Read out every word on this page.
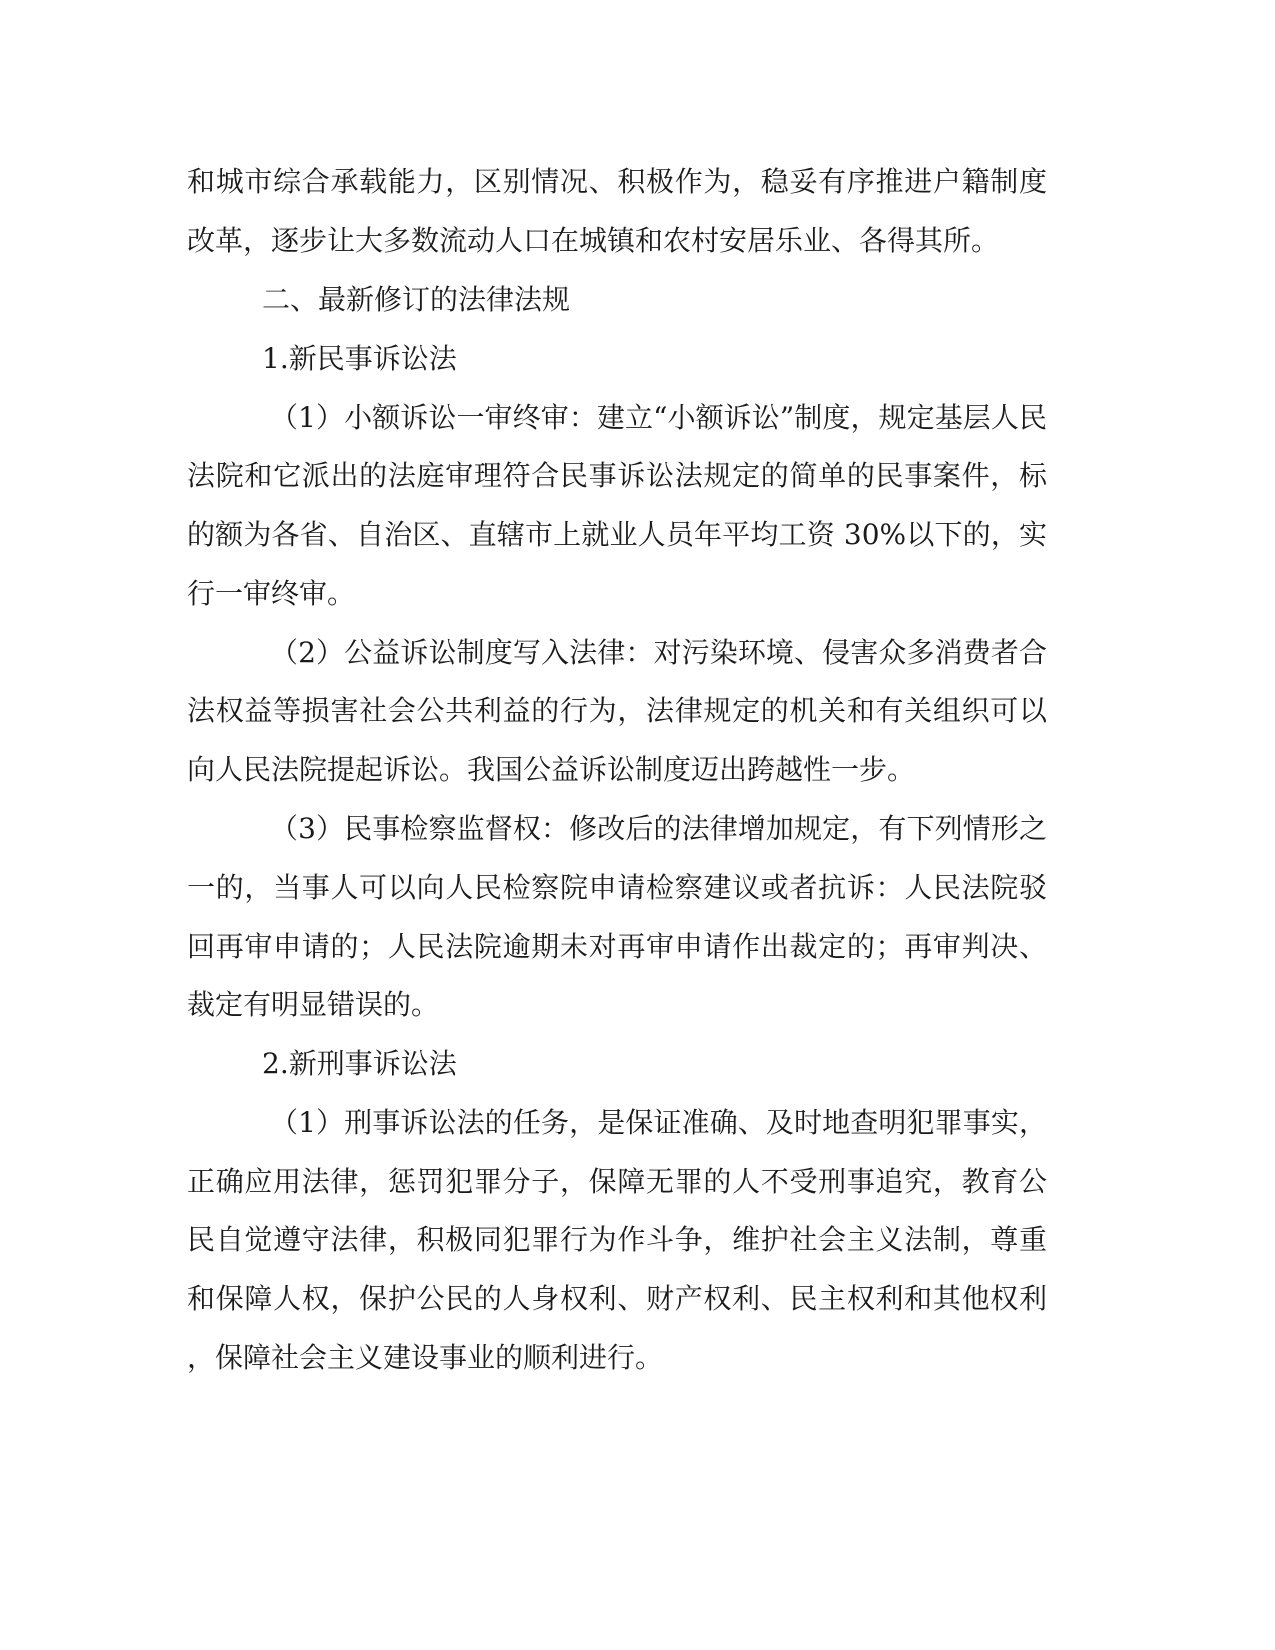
和城市综合承载能力，区别情况、积极作为，稳妥有序推进户籍制度
改革，逐步让大多数流动人口在城镇和农村安居乐业、各得其所。
二、最新修订的法律法规
1.新民事诉讼法
（1）小额诉讼一审终审：建立“小额诉讼”制度，规定基层人民
法院和它派出的法庭审理符合民事诉讼法规定的简单的民事案件，标
的额为各省、自治区、直辖市上就业人员年平均工资 30%以下的，实
行一审终审。
（2）公益诉讼制度写入法律：对污染环境、侵害众多消费者合
法权益等损害社会公共利益的行为，法律规定的机关和有关组织可以
向人民法院提起诉讼。我国公益诉讼制度迈出跨越性一步。
（3）民事检察监督权：修改后的法律增加规定，有下列情形之
一的，当事人可以向人民检察院申请检察建议或者抗诉：人民法院驳
回再审申请的；人民法院逾期未对再审申请作出裁定的；再审判决、
裁定有明显错误的。
2.新刑事诉讼法
（1）刑事诉讼法的任务，是保证准确、及时地查明犯罪事实，
正确应用法律，惩罚犯罪分子，保障无罪的人不受刑事追究，教育公
民自觉遵守法律，积极同犯罪行为作斗争，维护社会主义法制，尊重
和保障人权，保护公民的人身权利、财产权利、民主权利和其他权利
，保障社会主义建设事业的顺利进行。
